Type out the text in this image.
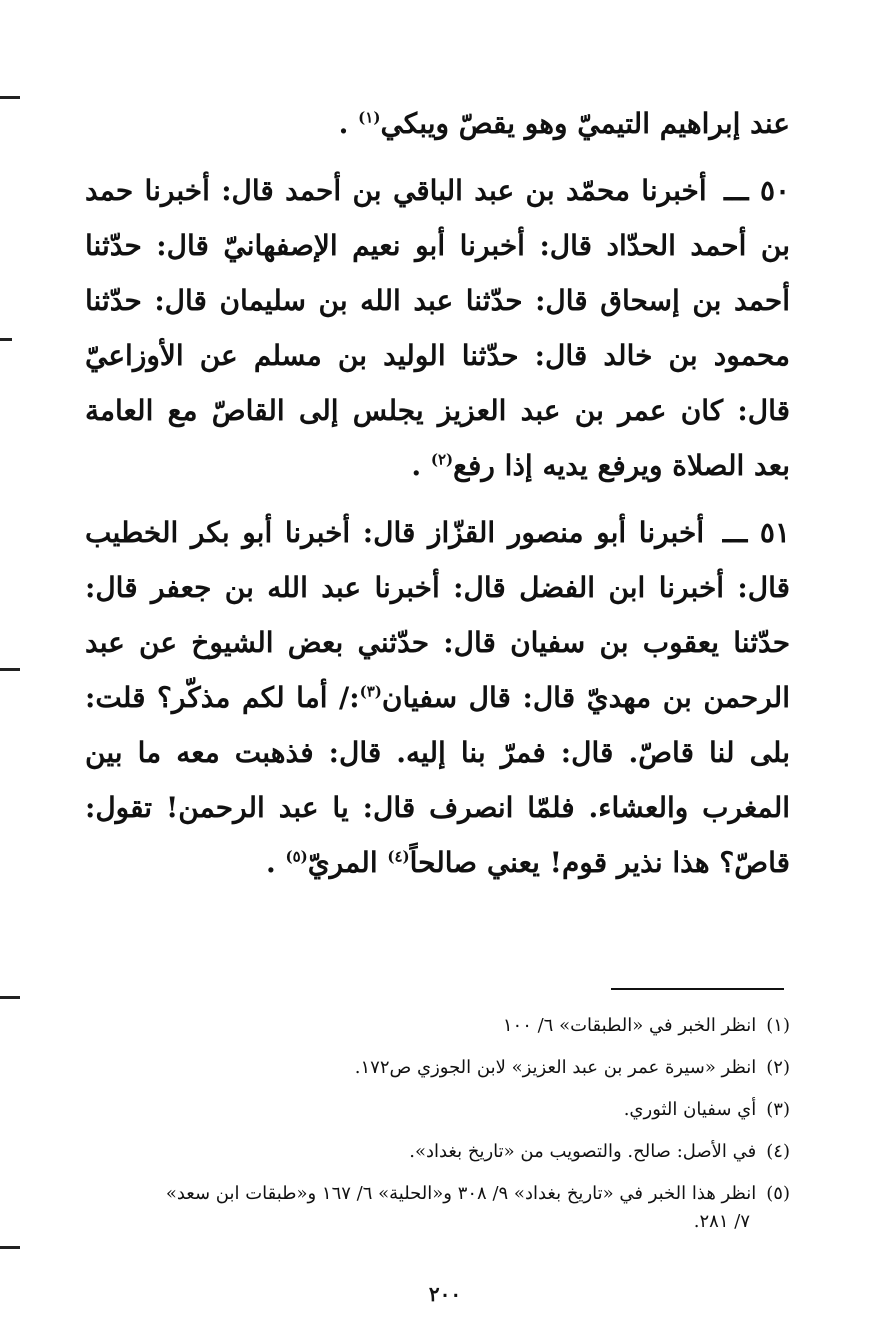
عند إبراهيم التيميّ وهو يقصّ ويبكي$^{(١)}$ .

٥٠ ـــ أخبرنا محمّد بن عبد الباقي بن أحمد قال: أخبرنا حمد بن أحمد الحدّاد قال: أخبرنا أبو نعيم الإصفهانيّ قال: حدّثنا أحمد بن إسحاق قال: حدّثنا عبد الله بن سليمان قال: حدّثنا محمود بن خالد قال: حدّثنا الوليد بن مسلم عن الأوزاعيّ قال: كان عمر بن عبد العزيز يجلس إلى القاصّ مع العامة بعد الصلاة ويرفع يديه إذا رفع$^{(٢)}$ .

٥١ ـــ أخبرنا أبو منصور القزّاز قال: أخبرنا أبو بكر الخطيب قال: أخبرنا ابن الفضل قال: أخبرنا عبد الله بن جعفر قال: حدّثنا يعقوب بن سفيان قال: حدّثني بعض الشيوخ عن عبد الرحمن بن مهديّ قال: قال سفيان$^{(٣)}$:/ أما لكم مذكّر؟ قلت: بلى لنا قاصّ. قال: فمرّ بنا إليه. قال: فذهبت معه ما بين المغرب والعشاء. فلمّا انصرف قال: يا عبد الرحمن! تقول: قاصّ؟ هذا نذير قوم! يعني صالحاً$^{(٤)}$ المريّ$^{(٥)}$ .

(١)انظر الخبر في «الطبقات» ٦/ ١٠٠

(٢)انظر «سيرة عمر بن عبد العزيز» لابن الجوزي ص١٧٢.

(٣)أي سفيان الثوري.

(٤)في الأصل: صالح. والتصويب من «تاريخ بغداد».

(٥)انظر هذا الخبر في «تاريخ بغداد» ٩/ ٣٠٨ و«الحلية» ٦/ ١٦٧ و«طبقات ابن سعد»
٧/ ٢٨١.

٢٠٠
